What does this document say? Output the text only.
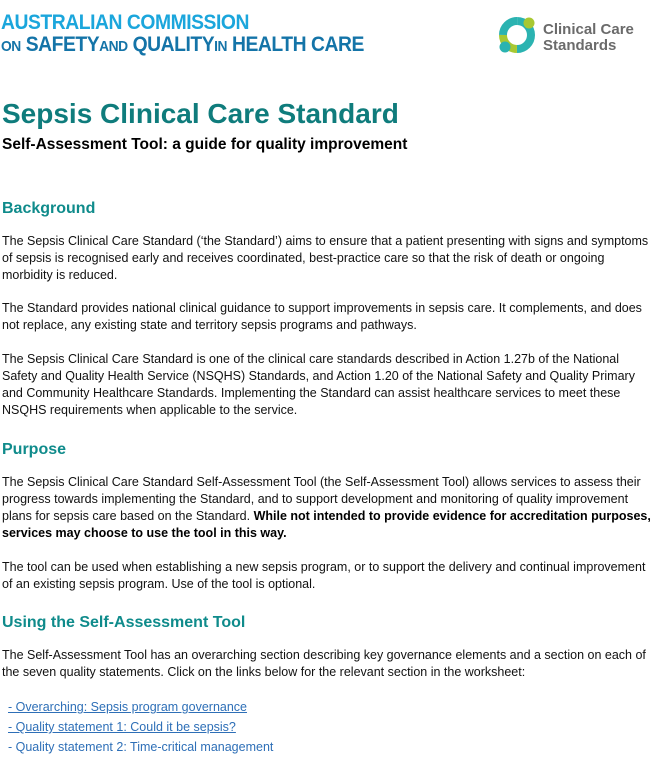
AUSTRALIAN COMMISSION
ON SAFETYAND QUALITYIN HEALTH CARE
Clinical Care
Standards
Sepsis Clinical Care Standard
Self-Assessment Tool: a guide for quality improvement
Background

The Sepsis Clinical Care Standard (‘the Standard’) aims to ensure that a patient presenting with signs and symptoms of sepsis is recognised early and receives coordinated, best-practice care so that the risk of death or ongoing morbidity is reduced.

The Standard provides national clinical guidance to support improvements in sepsis care. It complements, and does not replace, any existing state and territory sepsis programs and pathways.

The Sepsis Clinical Care Standard is one of the clinical care standards described in Action 1.27b of the National Safety and Quality Health Service (NSQHS) Standards, and Action 1.20 of the National Safety and Quality Primary and Community Healthcare Standards. Implementing the Standard can assist healthcare services to meet these NSQHS requirements when applicable to the service.

Purpose

The Sepsis Clinical Care Standard Self-Assessment Tool (the Self-Assessment Tool) allows services to assess their progress towards implementing the Standard, and to support development and monitoring of quality improvement plans for sepsis care based on the Standard. While not intended to provide evidence for accreditation purposes, services may choose to use the tool in this way.

The tool can be used when establishing a new sepsis program, or to support the delivery and continual improvement of an existing sepsis program. Use of the tool is optional.

Using the Self-Assessment Tool

The Self-Assessment Tool has an overarching section describing key governance elements and a section on each of the seven quality statements. Click on the links below for the relevant section in the worksheet:

- Overarching: Sepsis program governance
- Quality statement 1: Could it be sepsis?
- Quality statement 2: Time-critical management
